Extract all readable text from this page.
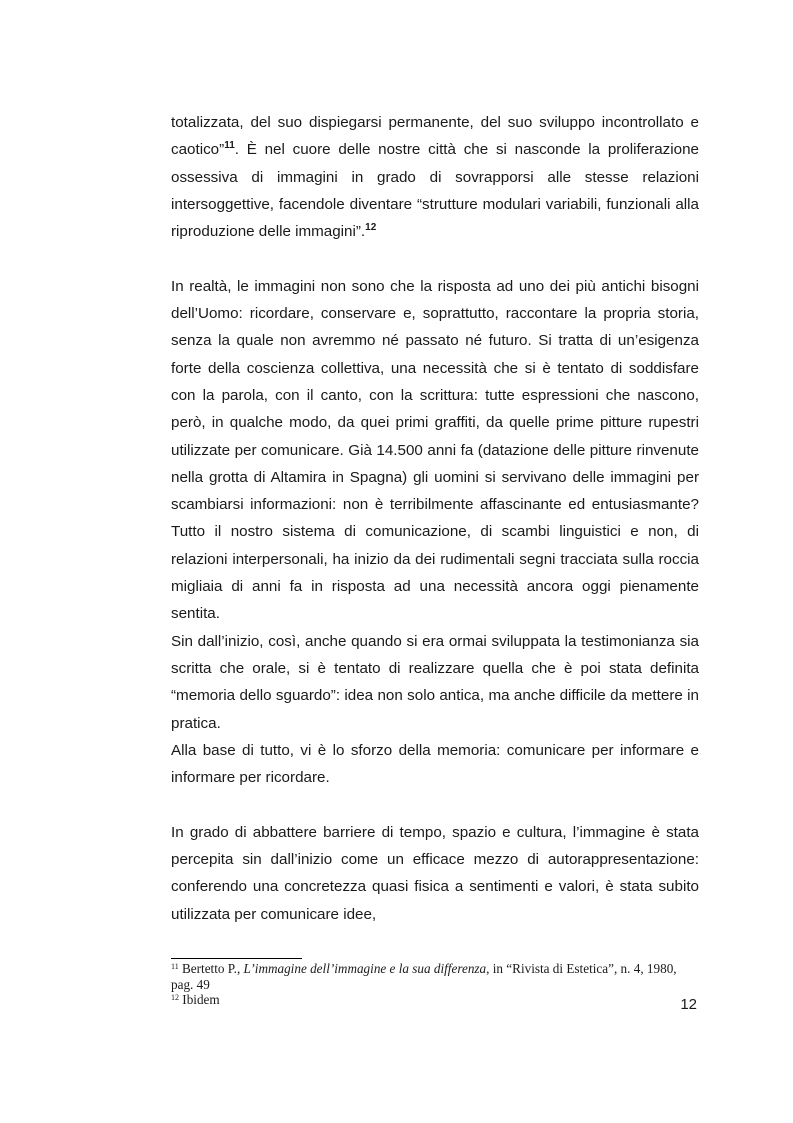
totalizzata, del suo dispiegarsi permanente, del suo sviluppo incontrollato e caotico”$^{11}$. È nel cuore delle nostre città che si nasconde la proliferazione ossessiva di immagini in grado di sovrapporsi alle stesse relazioni intersoggettive, facendole diventare “strutture modulari variabili, funzionali alla riproduzione delle immagini”.$^{12}$

In realtà, le immagini non sono che la risposta ad uno dei più antichi bisogni dell’Uomo: ricordare, conservare e, soprattutto, raccontare la propria storia, senza la quale non avremmo né passato né futuro. Si tratta di un’esigenza forte della coscienza collettiva, una necessità che si è tentato di soddisfare con la parola, con il canto, con la scrittura: tutte espressioni che nascono, però, in qualche modo, da quei primi graffiti, da quelle prime pitture rupestri utilizzate per comunicare. Già 14.500 anni fa (datazione delle pitture rinvenute nella grotta di Altamira in Spagna) gli uomini si servivano delle immagini per scambiarsi informazioni: non è terribilmente affascinante ed entusiasmante? Tutto il nostro sistema di comunicazione, di scambi linguistici e non, di relazioni interpersonali, ha inizio da dei rudimentali segni tracciata sulla roccia migliaia di anni fa in risposta ad una necessità ancora oggi pienamente sentita.

Sin dall’inizio, così, anche quando si era ormai sviluppata la testimonianza sia scritta che orale, si è tentato di realizzare quella che è poi stata definita “memoria dello sguardo”: idea non solo antica, ma anche difficile da mettere in pratica.

Alla base di tutto, vi è lo sforzo della memoria: comunicare per informare e informare per ricordare.

In grado di abbattere barriere di tempo, spazio e cultura, l’immagine è stata percepita sin dall’inizio come un efficace mezzo di autorappresentazione: conferendo una concretezza quasi fisica a sentimenti e valori, è stata subito utilizzata per comunicare idee,

$^{11}$ Bertetto P., L’immagine dell’immagine e la sua differenza, in “Rivista di Estetica”, n. 4, 1980, pag. 49

$^{12}$ Ibidem	12
